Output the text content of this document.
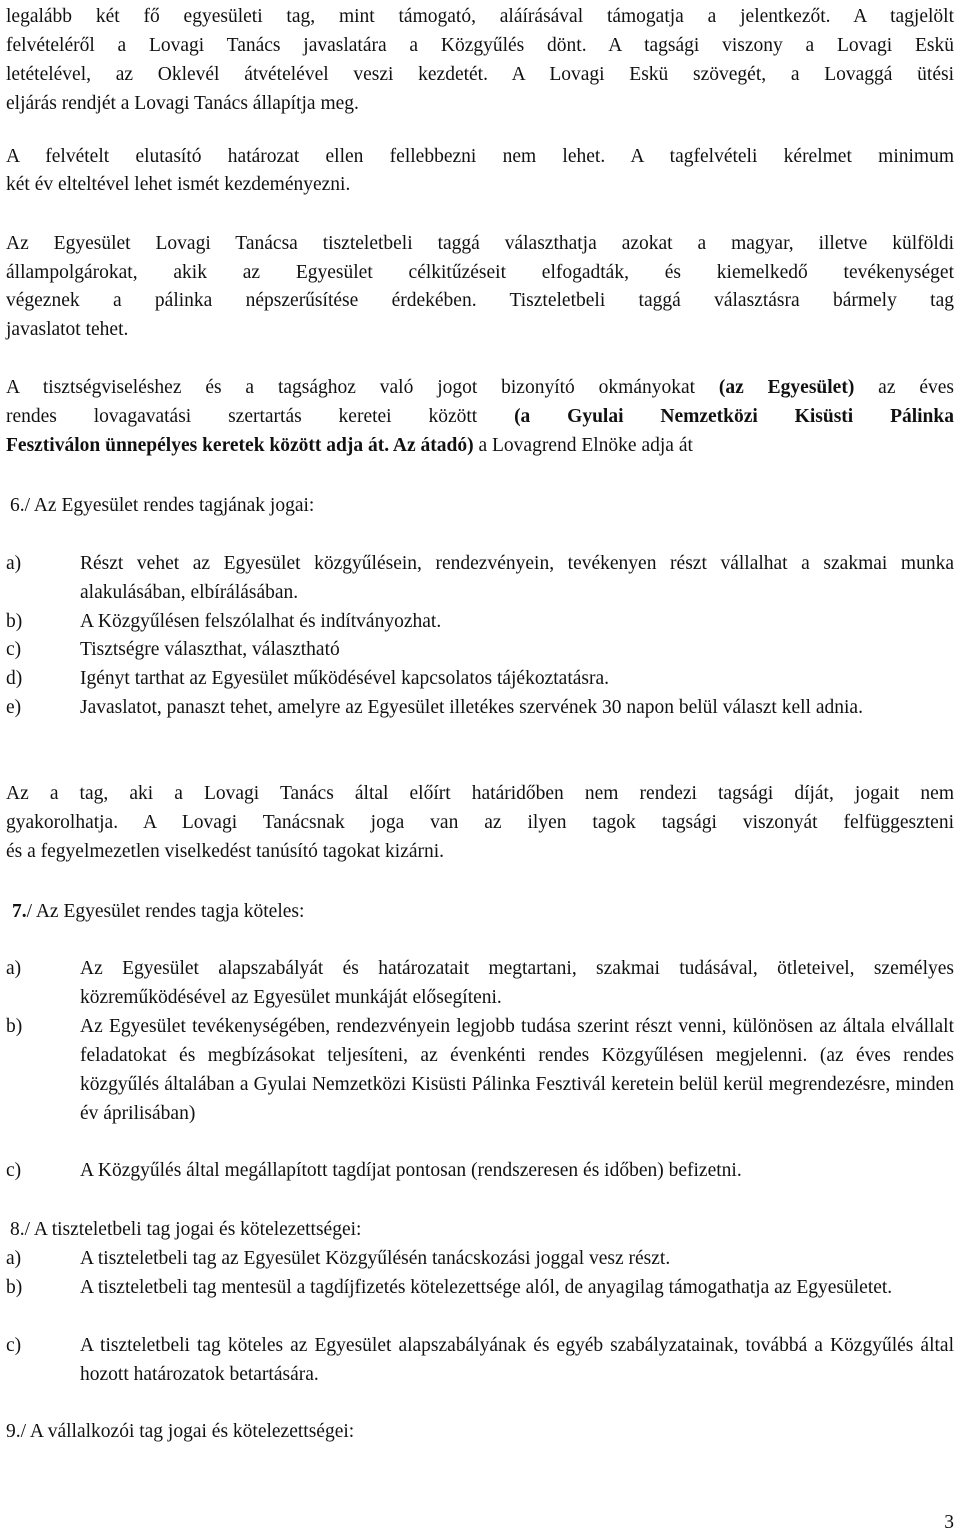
legalább két fő egyesületi tag, mint támogató, aláírásával támogatja a jelentkezőt. A tagjelölt

felvételéről a Lovagi Tanács javaslatára a Közgyűlés dönt. A tagsági viszony a Lovagi Eskü

letételével, az Oklevél átvételével veszi kezdetét. A Lovagi Eskü szövegét, a Lovaggá ütési

eljárás rendjét a Lovagi Tanács állapítja meg.

A felvételt elutasító határozat ellen fellebbezni nem lehet. A tagfelvételi kérelmet minimum

két év elteltével lehet ismét kezdeményezni.

Az Egyesület Lovagi Tanácsa tiszteletbeli taggá választhatja azokat a magyar, illetve külföldi

állampolgárokat, akik az Egyesület célkitűzéseit elfogadták, és kiemelkedő tevékenységet

végeznek a pálinka népszerűsítése érdekében. Tiszteletbeli taggá választásra bármely tag

javaslatot tehet.

A tisztségviseléshez és a tagsághoz való jogot bizonyító okmányokat (az Egyesület) az éves

rendes lovagavatási szertartás keretei között (a Gyulai Nemzetközi Kisüsti Pálinka

Fesztiválon ünnepélyes keretek között adja át. Az átadó) a Lovagrend Elnöke adja át

6./ Az Egyesület rendes tagjának jogai:

a)	Részt vehet az Egyesület közgyűlésein, rendezvényein, tevékenyen részt vállalhat a szakmai munka alakulásában, elbírálásában.
b)	A Közgyűlésen felszólalhat és indítványozhat.
c)	Tisztségre választhat, választható
d)	Igényt tarthat az Egyesület működésével kapcsolatos tájékoztatásra.
e)	Javaslatot, panaszt tehet, amelyre az Egyesület illetékes szervének 30 napon belül választ kell adnia.

Az a tag, aki a Lovagi Tanács által előírt határidőben nem rendezi tagsági díját, jogait nem

gyakorolhatja. A Lovagi Tanácsnak joga van az ilyen tagok tagsági viszonyát felfüggeszteni

és a fegyelmezetlen viselkedést tanúsító tagokat kizárni.

7./ Az Egyesület rendes tagja köteles:

a)	Az Egyesület alapszabályát és határozatait megtartani, szakmai tudásával, ötleteivel, személyes közreműködésével az Egyesület munkáját elősegíteni.
b)	Az Egyesület tevékenységében, rendezvényein legjobb tudása szerint részt venni, különösen az általa elvállalt feladatokat és megbízásokat teljesíteni, az évenkénti rendes Közgyűlésen megjelenni. (az éves rendes közgyűlés általában a Gyulai Nemzetközi Kisüsti Pálinka Fesztivál keretein belül kerül megrendezésre, minden év áprilisában)
c)	A Közgyűlés által megállapított tagdíjat pontosan (rendszeresen és időben) befizetni.

8./ A tiszteletbeli tag jogai és kötelezettségei:

a)	A tiszteletbeli tag az Egyesület Közgyűlésén tanácskozási joggal vesz részt.
b)	A tiszteletbeli tag mentesül a tagdíjfizetés kötelezettsége alól, de anyagilag támogathatja az Egyesületet.
c)	A tiszteletbeli tag köteles az Egyesület alapszabályának és egyéb szabályzatainak, továbbá a Közgyűlés által hozott határozatok betartására.

9./ A vállalkozói tag jogai és kötelezettségei:

3
